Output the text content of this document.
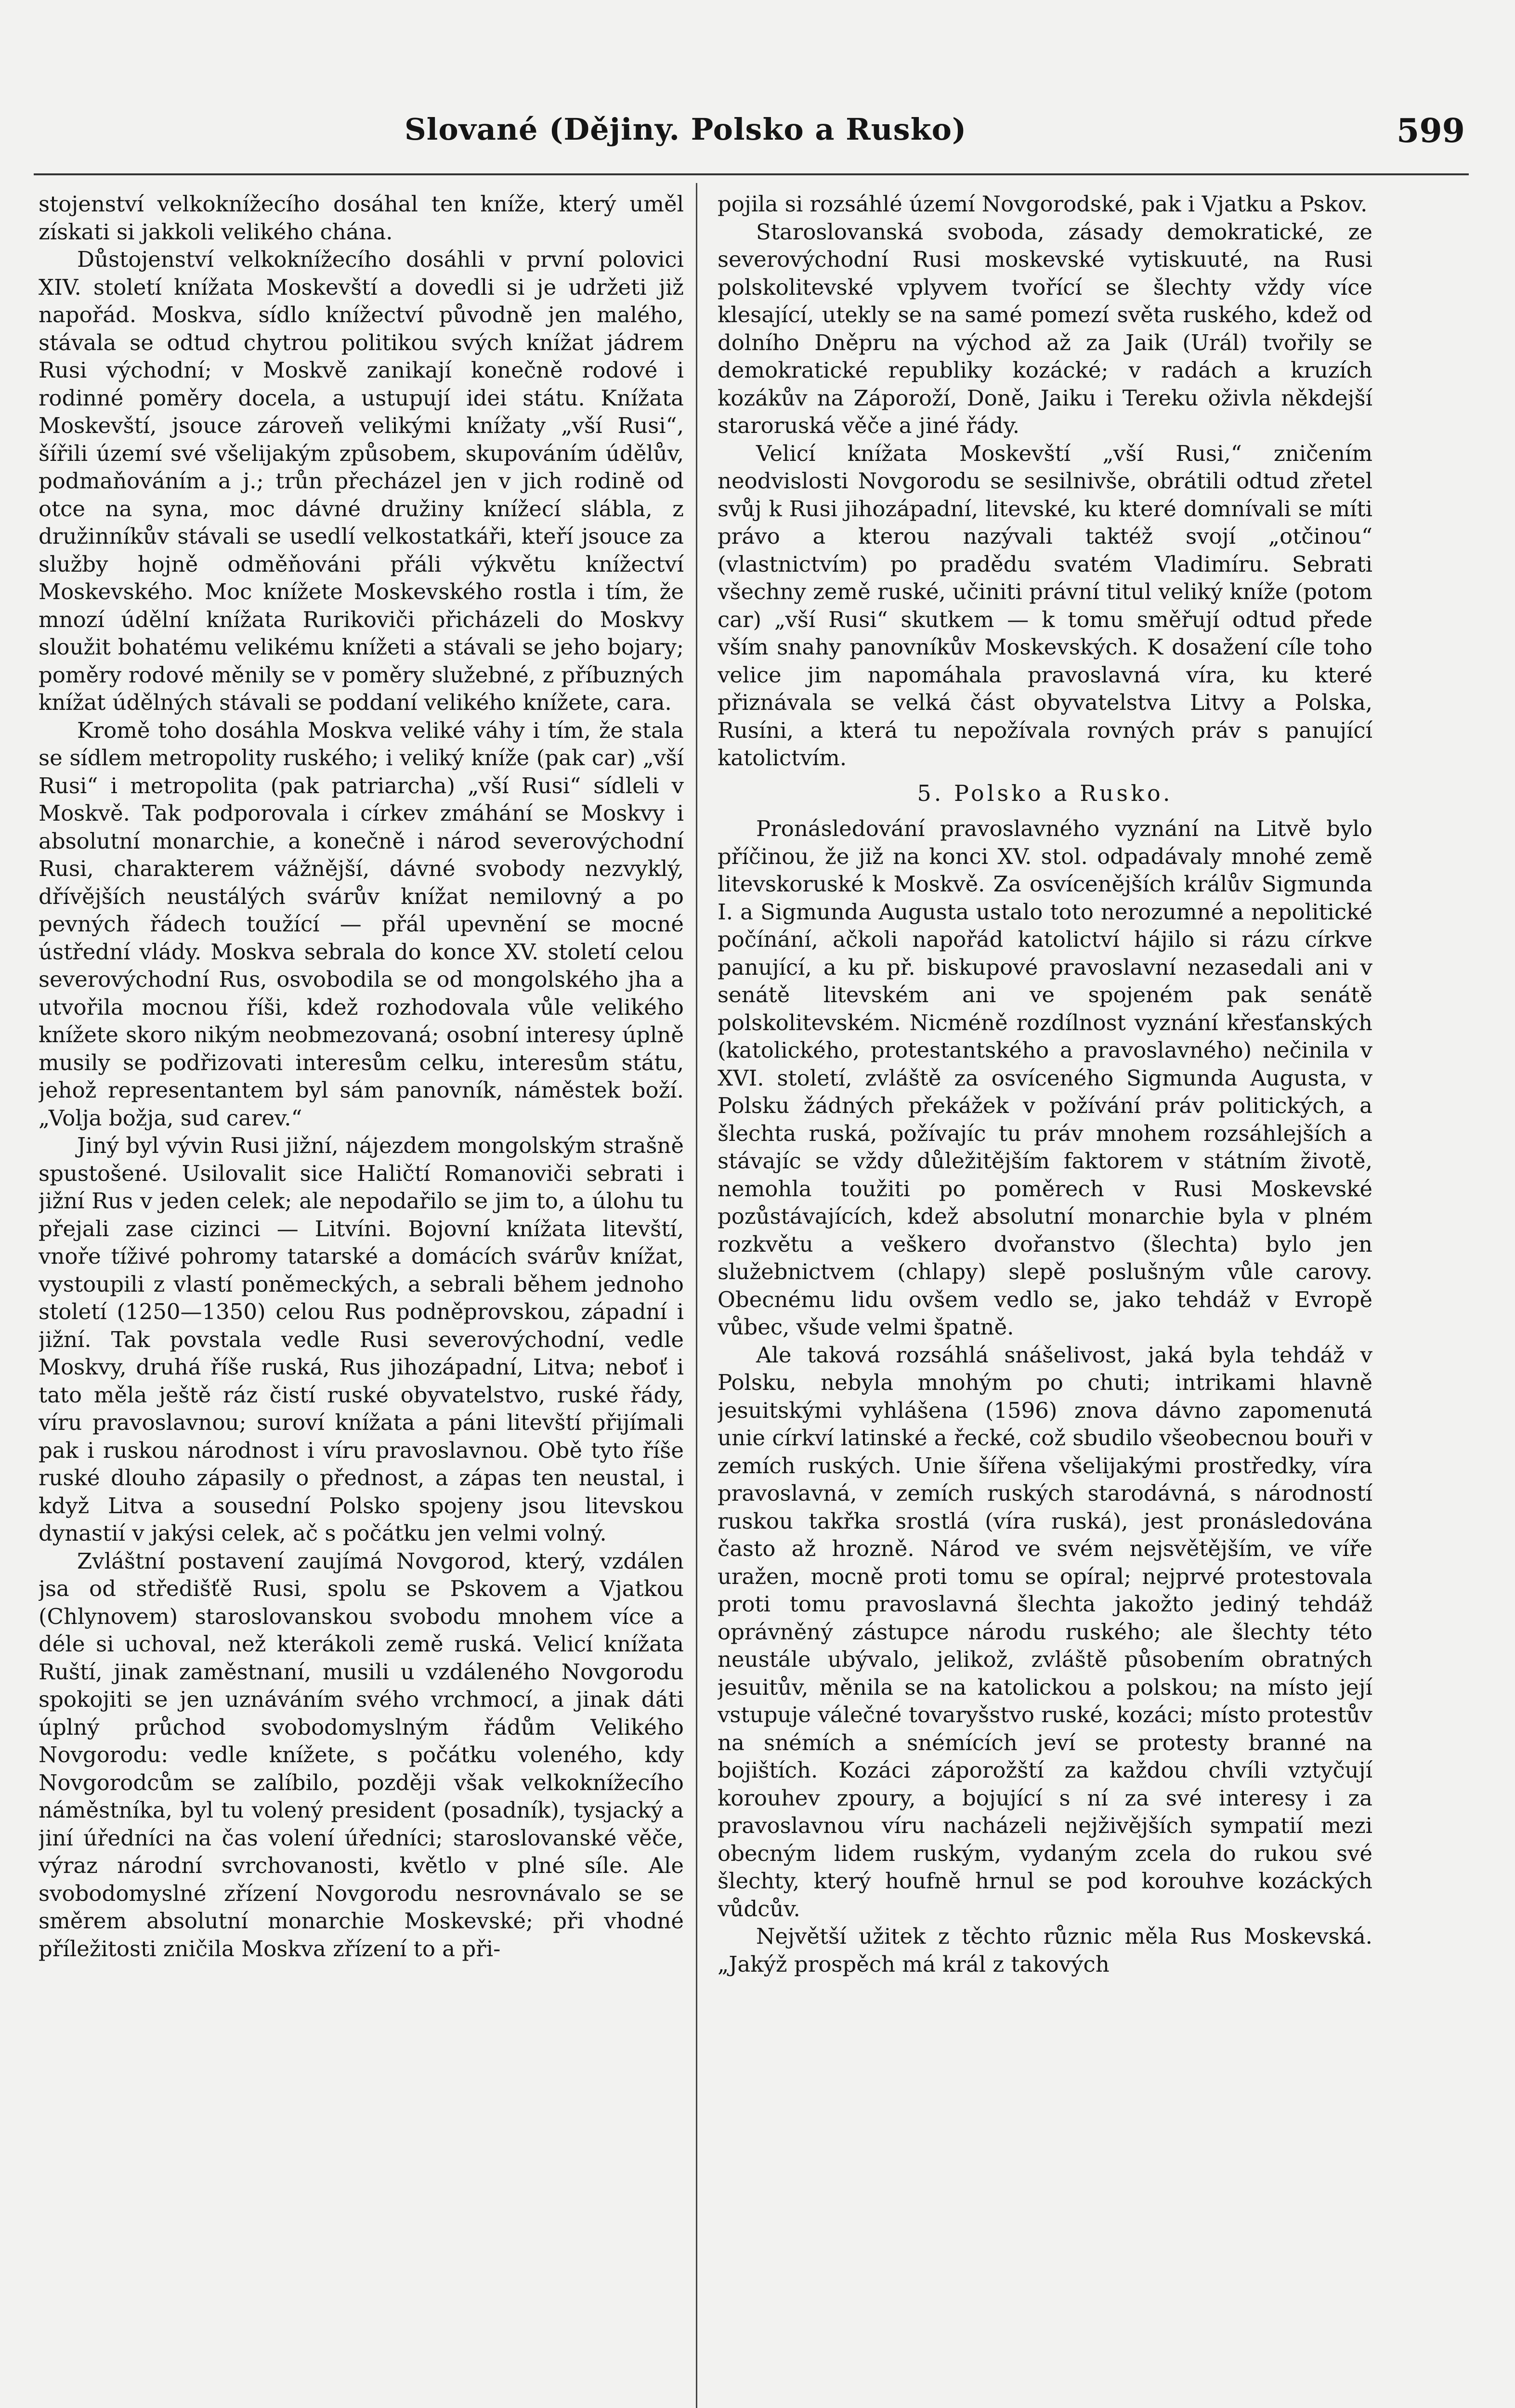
Slované (Dějiny. Polsko a Rusko)	599

stojenství velkoknížecího dosáhal ten kníže, který uměl získati si jakkoli velikého chána.

Důstojenství velkoknížecího dosáhli v první polovici XIV. století knížata Moskevští a dovedli si je udržeti již napořád. Moskva, sídlo knížectví původně jen malého, stávala se odtud chytrou politikou svých knížat jádrem Rusi východní; v Moskvě zanikají konečně rodové i rodinné poměry docela, a ustupují idei státu. Knížata Moskevští, jsouce zároveň velikými knížaty „vší Rusi“, šířili území své všelijakým způsobem, skupováním údělův, podmaňováním a j.; trůn přecházel jen v jich rodině od otce na syna, moc dávné družiny knížecí slábla, z družinníkův stávali se usedlí velkostatkáři, kteří jsouce za služby hojně odměňováni přáli výkvětu knížectví Moskevského. Moc knížete Moskevského rostla i tím, že mnozí údělní knížata Rurikoviči přicházeli do Moskvy sloužit bohatému velikému knížeti a stávali se jeho bojary; poměry rodové měnily se v poměry služebné, z příbuzných knížat údělných stávali se poddaní velikého knížete, cara.

Kromě toho dosáhla Moskva veliké váhy i tím, že stala se sídlem metropolity ruského; i veliký kníže (pak car) „vší Rusi“ i metropolita (pak patriarcha) „vší Rusi“ sídleli v Moskvě. Tak podporovala i církev zmáhání se Moskvy i absolutní monarchie, a konečně i národ severovýchodní Rusi, charakterem vážnější, dávné svobody nezvyklý, dřívějších neustálých svárův knížat nemilovný a po pevných řádech toužící — přál upevnění se mocné ústřední vlády. Moskva sebrala do konce XV. století celou severovýchodní Rus, osvobodila se od mongolského jha a utvořila mocnou říši, kdež rozhodovala vůle velikého knížete skoro nikým neobmezovaná; osobní interesy úplně musily se podřizovati interesům celku, interesům státu, jehož representantem byl sám panovník, náměstek boží. „Volja božja, sud carev.“

Jiný byl vývin Rusi jižní, nájezdem mongolským strašně spustošené. Usilovalit sice Haličtí Romanoviči sebrati i jižní Rus v jeden celek; ale nepodařilo se jim to, a úlohu tu přejali zase cizinci — Litvíni. Bojovní knížata litevští, vnoře tíživé pohromy tatarské a domácích svárův knížat, vystoupili z vlastí poněmeckých, a sebrali během jednoho století (1250—1350) celou Rus podněprovskou, západní i jižní. Tak povstala vedle Rusi severovýchodní, vedle Moskvy, druhá říše ruská, Rus jihozápadní, Litva; neboť i tato měla ještě ráz čistí ruské obyvatelstvo, ruské řády, víru pravoslavnou; suroví knížata a páni litevští přijímali pak i ruskou národnost i víru pravoslavnou. Obě tyto říše ruské dlouho zápasily o přednost, a zápas ten neustal, i když Litva a sousední Polsko spojeny jsou litevskou dynastií v jakýsi celek, ač s počátku jen velmi volný.

Zvláštní postavení zaujímá Novgorod, který, vzdálen jsa od středišťě Rusi, spolu se Pskovem a Vjatkou (Chlynovem) staroslovanskou svobodu mnohem více a déle si uchoval, než kterákoli země ruská. Velicí knížata Ruští, jinak zaměstnaní, musili u vzdáleného Novgorodu spokojiti se jen uznáváním svého vrchmocí, a jinak dáti úplný průchod svobodomyslným řádům Velikého Novgorodu: vedle knížete, s počátku voleného, kdy Novgorodcům se zalíbilo, později však velkoknížecího náměstníka, byl tu volený president (posadník), tysjacký a jiní úředníci na čas volení úředníci; staroslovanské věče, výraz národní svrchovanosti, květlo v plné síle. Ale svobodomyslné zřízení Novgorodu nesrovnávalo se se směrem absolutní monarchie Moskevské; při vhodné příležitosti zničila Moskva zřízení to a při-

pojila si rozsáhlé území Novgorodské, pak i Vjatku a Pskov.

Staroslovanská svoboda, zásady demokratické, ze severovýchodní Rusi moskevské vytiskuuté, na Rusi polskolitevské vplyvem tvořící se šlechty vždy více klesající, utekly se na samé pomezí světa ruského, kdež od dolního Dněpru na východ až za Jaik (Urál) tvořily se demokratické republiky kozácké; v radách a kruzích kozákův na Záporoží, Doně, Jaiku i Tereku oživla někdejší staroruská věče a jiné řády.

Velicí knížata Moskevští „vší Rusi,“ zničením neodvislosti Novgorodu se sesilnivše, obrátili odtud zřetel svůj k Rusi jihozápadní, litevské, ku které domnívali se míti právo a kterou nazývali taktéž svojí „otčinou“ (vlastnictvím) po pradědu svatém Vladimíru. Sebrati všechny země ruské, učiniti právní titul veliký kníže (potom car) „vší Rusi“ skutkem — k tomu směřují odtud přede vším snahy panovníkův Moskevských. K dosažení cíle toho velice jim napomáhala pravoslavná víra, ku které přiznávala se velká část obyvatelstva Litvy a Polska, Rusíni, a která tu nepožívala rovných práv s panující katolictvím.

5. Polsko a Rusko.

Pronásledování pravoslavného vyznání na Litvě bylo příčinou, že již na konci XV. stol. odpadávaly mnohé země litevskoruské k Moskvě. Za osvícenějších králův Sigmunda I. a Sigmunda Augusta ustalo toto nerozumné a nepolitické počínání, ačkoli napořád katolictví hájilo si rázu církve panující, a ku př. biskupové pravoslavní nezasedali ani v senátě litevském ani ve spojeném pak senátě polskolitevském. Nicméně rozdílnost vyznání křesťanských (katolického, protestantského a pravoslavného) nečinila v XVI. století, zvláště za osvíceného Sigmunda Augusta, v Polsku žádných překážek v požívání práv politických, a šlechta ruská, požívajíc tu práv mnohem rozsáhlejších a stávajíc se vždy důležitějším faktorem v státním životě, nemohla toužiti po poměrech v Rusi Moskevské pozůstávajících, kdež absolutní monarchie byla v plném rozkvětu a veškero dvořanstvo (šlechta) bylo jen služebnictvem (chlapy) slepě poslušným vůle carovy. Obecnému lidu ovšem vedlo se, jako tehdáž v Evropě vůbec, všude velmi špatně.

Ale taková rozsáhlá snášelivost, jaká byla tehdáž v Polsku, nebyla mnohým po chuti; intrikami hlavně jesuitskými vyhlášena (1596) znova dávno zapomenutá unie církví latinské a řecké, což sbudilo všeobecnou bouři v zemích ruských. Unie šířena všelijakými prostředky, víra pravoslavná, v zemích ruských starodávná, s národností ruskou takřka srostlá (víra ruská), jest pronásledována často až hrozně. Národ ve svém nejsvětějším, ve víře uražen, mocně proti tomu se opíral; nejprvé protestovala proti tomu pravoslavná šlechta jakožto jediný tehdáž oprávněný zástupce národu ruského; ale šlechty této neustále ubývalo, jelikož, zvláště působením obratných jesuitův, měnila se na katolickou a polskou; na místo její vstupuje válečné tovaryšstvo ruské, kozáci; místo protestův na snémích a snémících jeví se protesty branné na bojištích. Kozáci záporožští za každou chvíli vztyčují korouhev zpoury, a bojující s ní za své interesy i za pravoslavnou víru nacházeli nejživějších sympatií mezi obecným lidem ruským, vydaným zcela do rukou své šlechty, který houfně hrnul se pod korouhve kozáckých vůdcův.

Největší užitek z těchto různic měla Rus Moskevská. „Jakýž prospěch má král z takových
